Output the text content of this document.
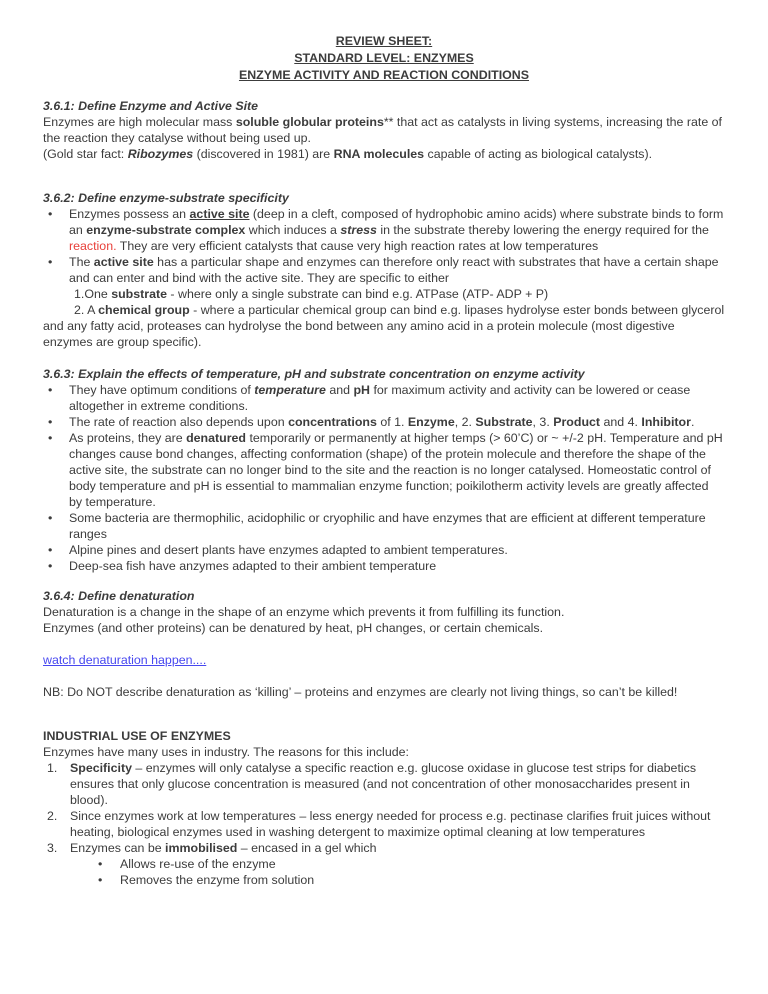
REVIEW SHEET:
STANDARD LEVEL: ENZYMES
ENZYME ACTIVITY AND REACTION CONDITIONS
3.6.1: Define Enzyme and Active Site
Enzymes are high molecular mass soluble globular proteins** that act as catalysts in living systems, increasing the rate of the reaction they catalyse without being used up.
(Gold star fact: Ribozymes (discovered in 1981) are RNA molecules capable of acting as biological catalysts).
3.6.2: Define enzyme-substrate specificity
•	Enzymes possess an active site (deep in a cleft, composed of hydrophobic amino acids) where substrate binds to form an enzyme-substrate complex which induces a stress in the substrate thereby lowering the energy required for the reaction. They are very efficient catalysts that cause very high reaction rates at low temperatures
•	The active site has a particular shape and enzymes can therefore only react with substrates that have a certain shape and can enter and bind with the active site. They are specific to either
1.One substrate - where only a single substrate can bind e.g. ATPase (ATP- ADP + P)
2. A chemical group - where a particular chemical group can bind e.g. lipases hydrolyse ester bonds between glycerol and any fatty acid, proteases can hydrolyse the bond between any amino acid in a protein molecule (most digestive enzymes are group specific).
3.6.3: Explain the effects of temperature, pH and substrate concentration on enzyme activity
•	They have optimum conditions of temperature and pH for maximum activity and activity can be lowered or cease altogether in extreme conditions.
•	The rate of reaction also depends upon concentrations of 1. Enzyme, 2. Substrate, 3. Product and 4. Inhibitor.
•	As proteins, they are denatured temporarily or permanently at higher temps (> 60’C) or ~ +/-2 pH. Temperature and pH changes cause bond changes, affecting conformation (shape) of the protein molecule and therefore the shape of the active site, the substrate can no longer bind to the site and the reaction is no longer catalysed. Homeostatic control of body temperature and pH is essential to mammalian enzyme function; poikilotherm activity levels are greatly affected by temperature.
•	Some bacteria are thermophilic, acidophilic or cryophilic and have enzymes that are efficient at different temperature ranges
•	Alpine pines and desert plants have enzymes adapted to ambient temperatures.
•	Deep-sea fish have anzymes adapted to their ambient temperature
3.6.4: Define denaturation
Denaturation is a change in the shape of an enzyme which prevents it from fulfilling its function.
Enzymes (and other proteins) can be denatured by heat, pH changes, or certain chemicals.
watch denaturation happen....
NB: Do NOT describe denaturation as ‘killing’ – proteins and enzymes are clearly not living things, so can’t be killed!
INDUSTRIAL USE OF ENZYMES
Enzymes have many uses in industry. The reasons for this include:
1.	Specificity – enzymes will only catalyse a specific reaction e.g. glucose oxidase in glucose test strips for diabetics ensures that only glucose concentration is measured (and not concentration of other monosaccharides present in blood).
2.	Since enzymes work at low temperatures – less energy needed for process e.g. pectinase clarifies fruit juices without heating, biological enzymes used in washing detergent to maximize optimal cleaning at low temperatures
3.	Enzymes can be immobilised – encased in a gel which
•	Allows re-use of the enzyme
•	Removes the enzyme from solution
